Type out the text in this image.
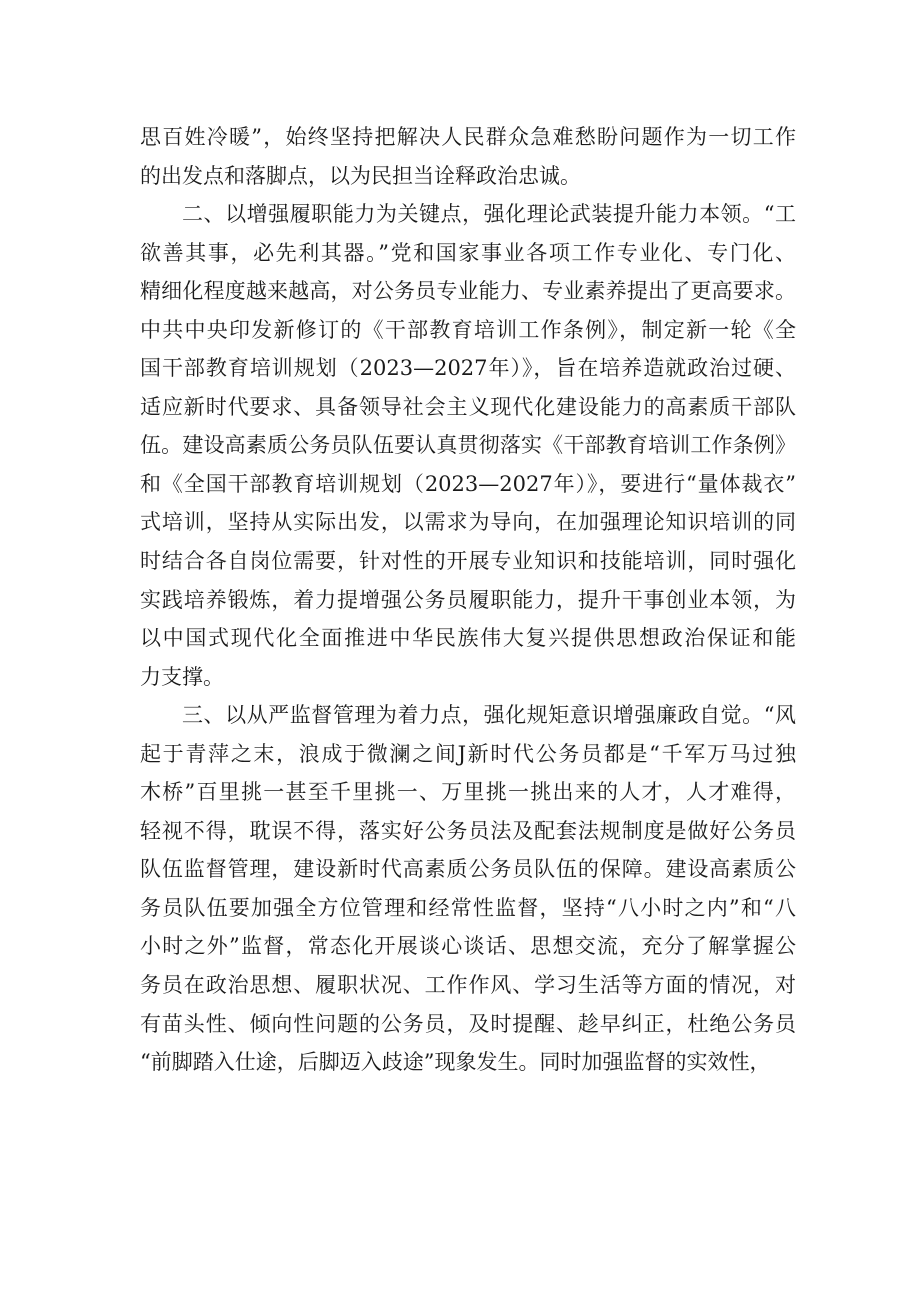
思百姓冷暖”，始终坚持把解决人民群众急难愁盼问题作为一切工作
的出发点和落脚点，以为民担当诠释政治忠诚。
二、以增强履职能力为关键点，强化理论武装提升能力本领。“工
欲善其事，必先利其器。”党和国家事业各项工作专业化、专门化、
精细化程度越来越高，对公务员专业能力、专业素养提出了更高要求。
中共中央印发新修订的《干部教育培训工作条例》，制定新一轮《全
国干部教育培训规划（2023—2027年）》，旨在培养造就政治过硬、
适应新时代要求、具备领导社会主义现代化建设能力的高素质干部队
伍。建设高素质公务员队伍要认真贯彻落实《干部教育培训工作条例》
和《全国干部教育培训规划（2023—2027年）》，要进行“量体裁衣”
式培训，坚持从实际出发，以需求为导向，在加强理论知识培训的同
时结合各自岗位需要，针对性的开展专业知识和技能培训，同时强化
实践培养锻炼，着力提增强公务员履职能力，提升干事创业本领，为
以中国式现代化全面推进中华民族伟大复兴提供思想政治保证和能
力支撑。
三、以从严监督管理为着力点，强化规矩意识增强廉政自觉。“风
起于青萍之末，浪成于微澜之间J新时代公务员都是“千军万马过独
木桥”百里挑一甚至千里挑一、万里挑一挑出来的人才，人才难得，
轻视不得，耽误不得，落实好公务员法及配套法规制度是做好公务员
队伍监督管理，建设新时代高素质公务员队伍的保障。建设高素质公
务员队伍要加强全方位管理和经常性监督，坚持“八小时之内”和“八
小时之外”监督，常态化开展谈心谈话、思想交流，充分了解掌握公
务员在政治思想、履职状况、工作作风、学习生活等方面的情况，对
有苗头性、倾向性问题的公务员，及时提醒、趁早纠正，杜绝公务员
“前脚踏入仕途，后脚迈入歧途”现象发生。同时加强监督的实效性，
